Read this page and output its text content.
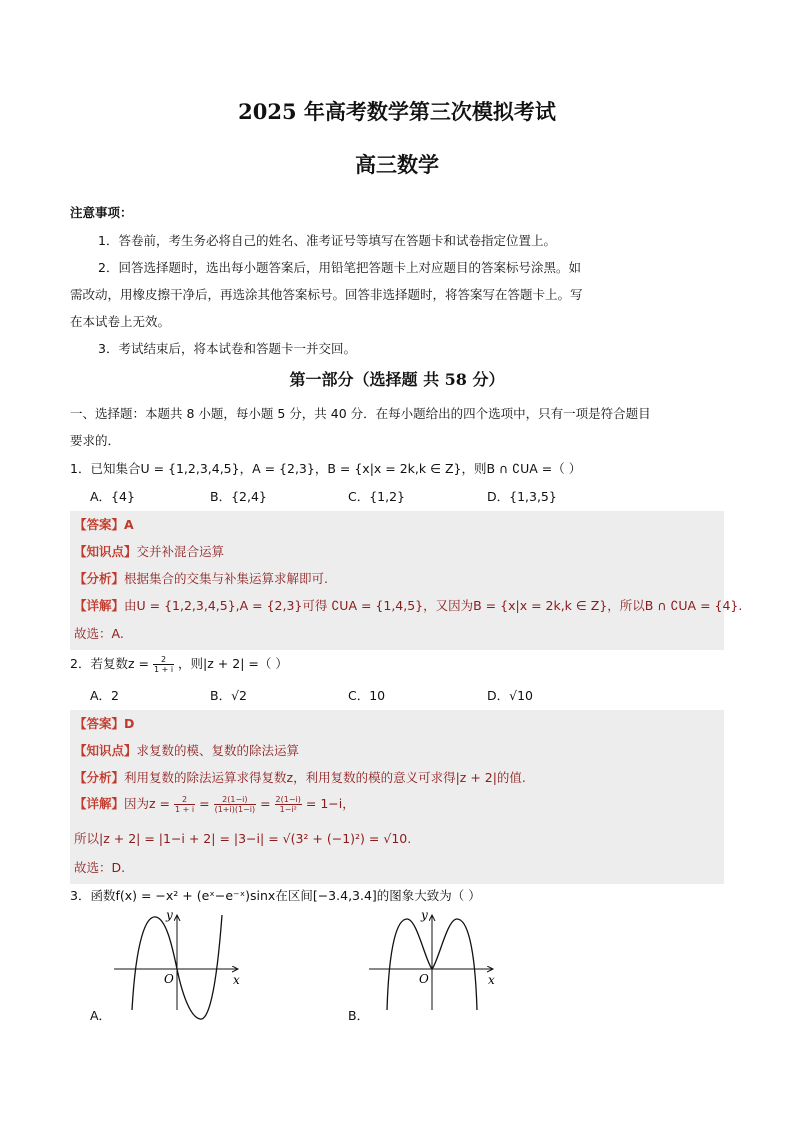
2025 年高考数学第三次模拟考试
高三数学
注意事项：
1．答卷前，考生务必将自己的姓名、准考证号等填写在答题卡和试卷指定位置上。
2．回答选择题时，选出每小题答案后，用铅笔把答题卡上对应题目的答案标号涂黑。如
需改动，用橡皮擦干净后，再选涂其他答案标号。回答非选择题时，将答案写在答题卡上。写
在本试卷上无效。
3．考试结束后，将本试卷和答题卡一并交回。
第一部分（选择题 共 58 分）
一、选择题：本题共 8 小题，每小题 5 分，共 40 分．在每小题给出的四个选项中，只有一项是符合题目
要求的．
1．已知集合U = {1,2,3,4,5}，A = {2,3}，B = {x|x = 2k,k ∈ Z}，则B ∩ ∁UA =（ ）
A．{4}	B．{2,4}	C．{1,2}	D．{1,3,5}
【答案】A
【知识点】交并补混合运算
【分析】根据集合的交集与补集运算求解即可.
【详解】由U = {1,2,3,4,5},A = {2,3}可得 ∁UA = {1,4,5}，又因为B = {x|x = 2k,k ∈ Z}，所以B ∩ ∁UA = {4}.
故选：A.
2．若复数$z = \frac{2}{1 + i}$ ，则|z + 2| =（ ）
A．2	B．√2	C．10	D．√10
【答案】D
【知识点】求复数的模、复数的除法运算
【分析】利用复数的除法运算求得复数z，利用复数的模的意义可求得|z + 2|的值.
【详解】因为$z = \frac{2}{1 + i} = \frac{2(1-i)}{(1+i)(1-i)} = \frac{2(1-i)}{\text{1−i²}} = 1-i$，
所以|z + 2| = |1−i + 2| = |3−i| = √(3² + (−1)²) = √10.
故选：D.
3．函数f(x) = −x² + (eˣ−e⁻ˣ)sinx在区间[−3.4,3.4]的图象大致为（ ）
O	x
y
A．
O	x
y
B．
